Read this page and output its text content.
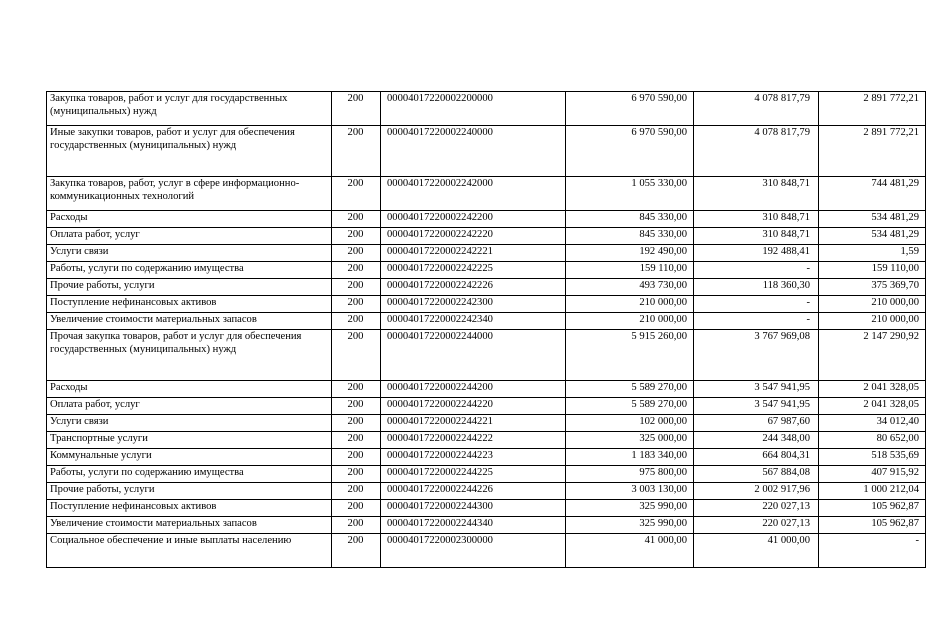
Закупка товаров, работ и услуг для государственных (муниципальных) нужд	200	00004017220002200000	6 970 590,00	4 078 817,79	2 891 772,21
Иные закупки товаров, работ и услуг для обеспечения государственных (муниципальных) нужд	200	00004017220002240000	6 970 590,00	4 078 817,79	2 891 772,21
Закупка товаров, работ, услуг в сфере информационно-коммуникационных технологий	200	00004017220002242000	1 055 330,00	310 848,71	744 481,29
Расходы	200	00004017220002242200	845 330,00	310 848,71	534 481,29
Оплата работ, услуг	200	00004017220002242220	845 330,00	310 848,71	534 481,29
Услуги связи	200	00004017220002242221	192 490,00	192 488,41	1,59
Работы, услуги по содержанию имущества	200	00004017220002242225	159 110,00	-	159 110,00
Прочие работы, услуги	200	00004017220002242226	493 730,00	118 360,30	375 369,70
Поступление нефинансовых активов	200	00004017220002242300	210 000,00	-	210 000,00
Увеличение стоимости материальных запасов	200	00004017220002242340	210 000,00	-	210 000,00
Прочая закупка товаров, работ и услуг для обеспечения государственных (муниципальных) нужд	200	00004017220002244000	5 915 260,00	3 767 969,08	2 147 290,92
Расходы	200	00004017220002244200	5 589 270,00	3 547 941,95	2 041 328,05
Оплата работ, услуг	200	00004017220002244220	5 589 270,00	3 547 941,95	2 041 328,05
Услуги связи	200	00004017220002244221	102 000,00	67 987,60	34 012,40
Транспортные услуги	200	00004017220002244222	325 000,00	244 348,00	80 652,00
Коммунальные услуги	200	00004017220002244223	1 183 340,00	664 804,31	518 535,69
Работы, услуги по содержанию имущества	200	00004017220002244225	975 800,00	567 884,08	407 915,92
Прочие работы, услуги	200	00004017220002244226	3 003 130,00	2 002 917,96	1 000 212,04
Поступление нефинансовых активов	200	00004017220002244300	325 990,00	220 027,13	105 962,87
Увеличение стоимости материальных запасов	200	00004017220002244340	325 990,00	220 027,13	105 962,87
Социальное обеспечение и иные выплаты населению	200	00004017220002300000	41 000,00	41 000,00	-
